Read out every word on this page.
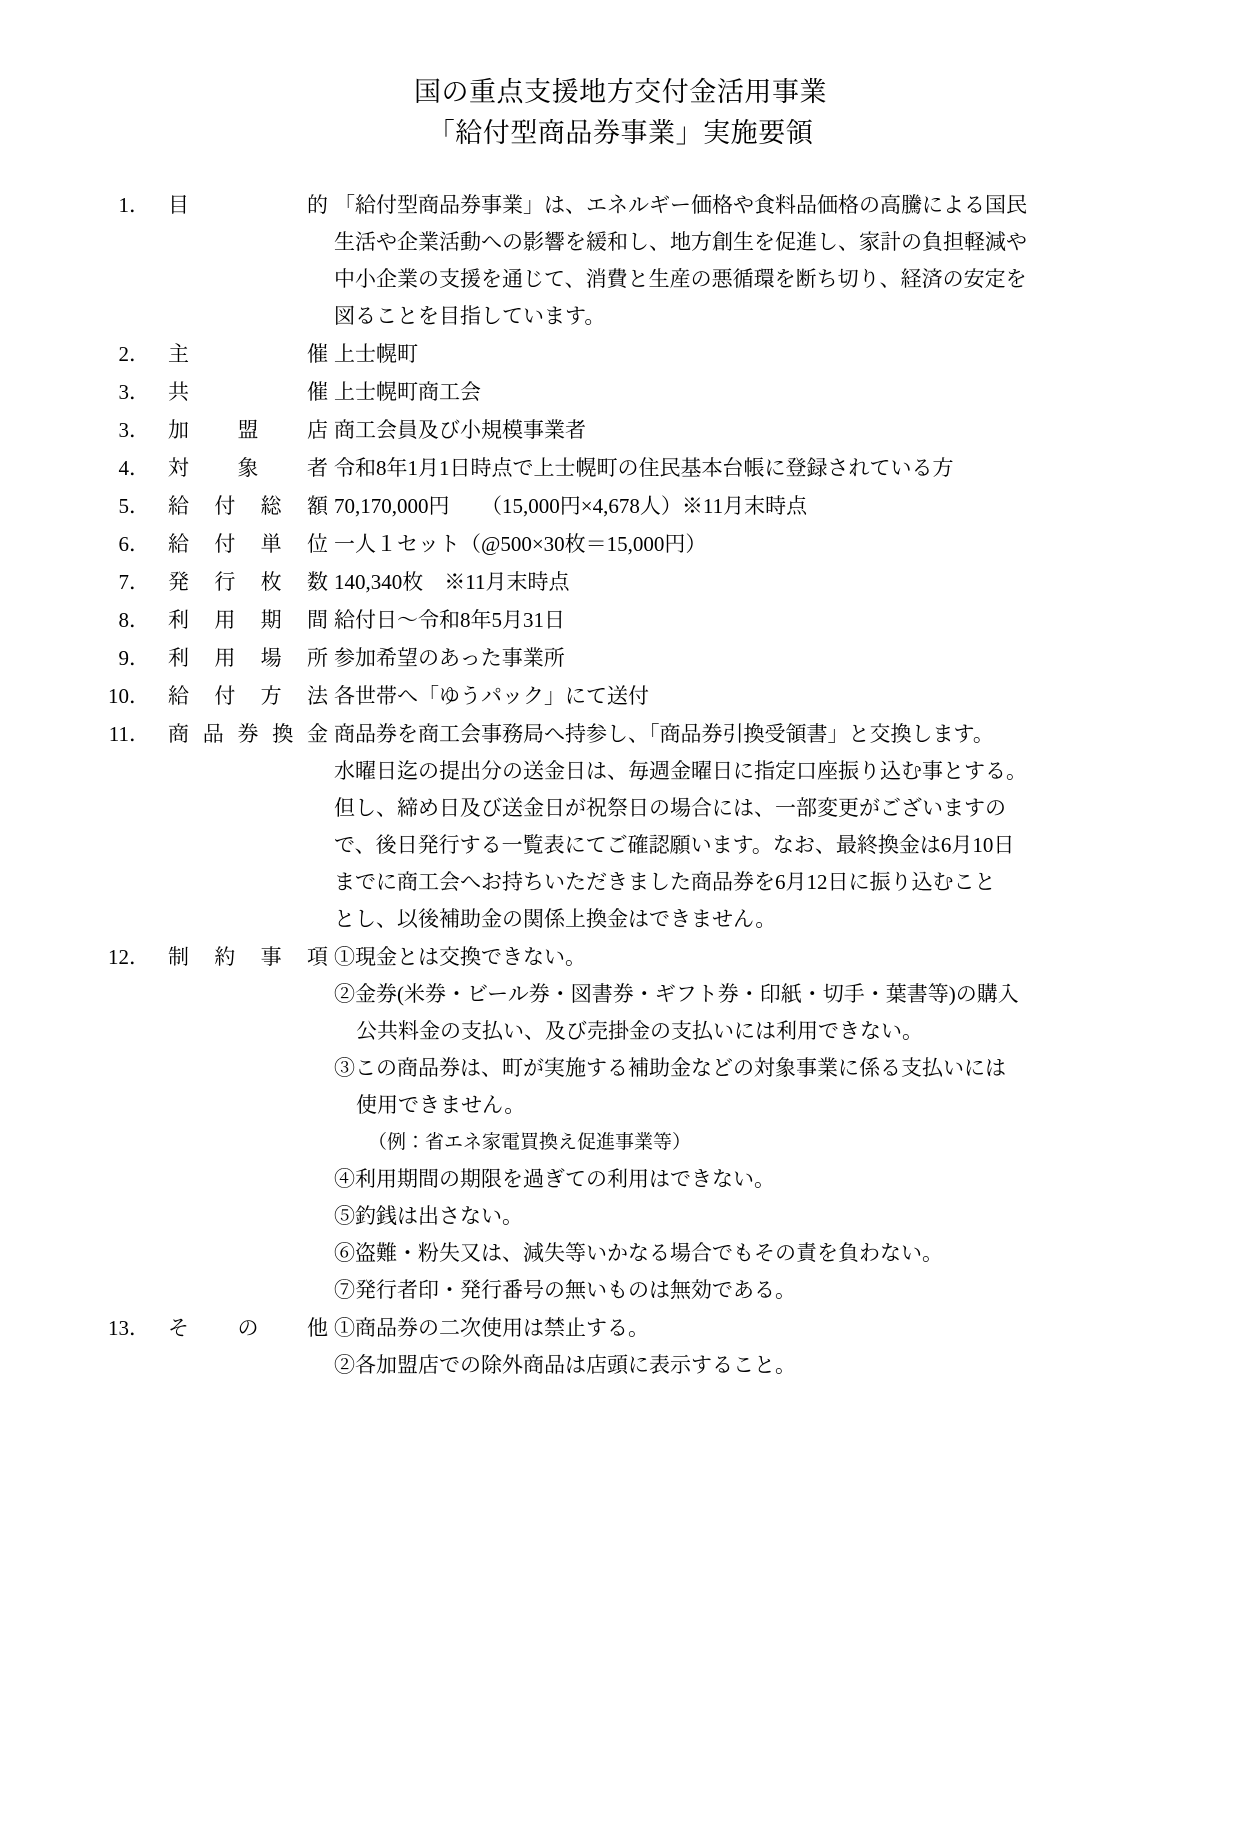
国の重点支援地方交付金活用事業
「給付型商品券事業」実施要領
1． 目	的 「給付型商品券事業」は、エネルギー価格や食料品価格の高騰による国民
生活や企業活動への影響を緩和し、地方創生を促進し、家計の負担軽減や
中小企業の支援を通じて、消費と生産の悪循環を断ち切り、経済の安定を
図ることを目指しています。
2． 主	催 上士幌町
3． 共	催 上士幌町商工会
3． 加 盟 店 商工会員及び小規模事業者
4． 対 象 者 令和8年1月1日時点で上士幌町の住民基本台帳に登録されている方
5． 給 付 総 額 70,170,000円　　（15,000円×4,678人）※11月末時点
6． 給 付 単 位 一人１セット（@500×30枚＝15,000円）
7． 発 行 枚 数 140,340枚　※11月末時点
8． 利 用 期 間 給付日〜令和8年5月31日
9． 利 用 場 所 参加希望のあった事業所
10． 給 付 方 法 各世帯へ「ゆうパック」にて送付
11． 商 品 券 換 金 商品券を商工会事務局へ持参し、「商品券引換受領書」と交換します。
水曜日迄の提出分の送金日は、毎週金曜日に指定口座振り込む事とする。
但し、締め日及び送金日が祝祭日の場合には、一部変更がございますの
で、後日発行する一覧表にてご確認願います。なお、最終換金は6月10日
までに商工会へお持ちいただきました商品券を6月12日に振り込むこと
とし、以後補助金の関係上換金はできません。
12． 制 約 事 項 ①現金とは交換できない。
②金券(米券・ビール券・図書券・ギフト券・印紙・切手・葉書等)の購入
公共料金の支払い、及び売掛金の支払いには利用できない。
③この商品券は、町が実施する補助金などの対象事業に係る支払いには
使用できません。
（例：省エネ家電買換え促進事業等）
④利用期間の期限を過ぎての利用はできない。
⑤釣銭は出さない。
⑥盗難・粉失又は、減失等いかなる場合でもその責を負わない。
⑦発行者印・発行番号の無いものは無効である。
13． そ の 他 ①商品券の二次使用は禁止する。
②各加盟店での除外商品は店頭に表示すること。
